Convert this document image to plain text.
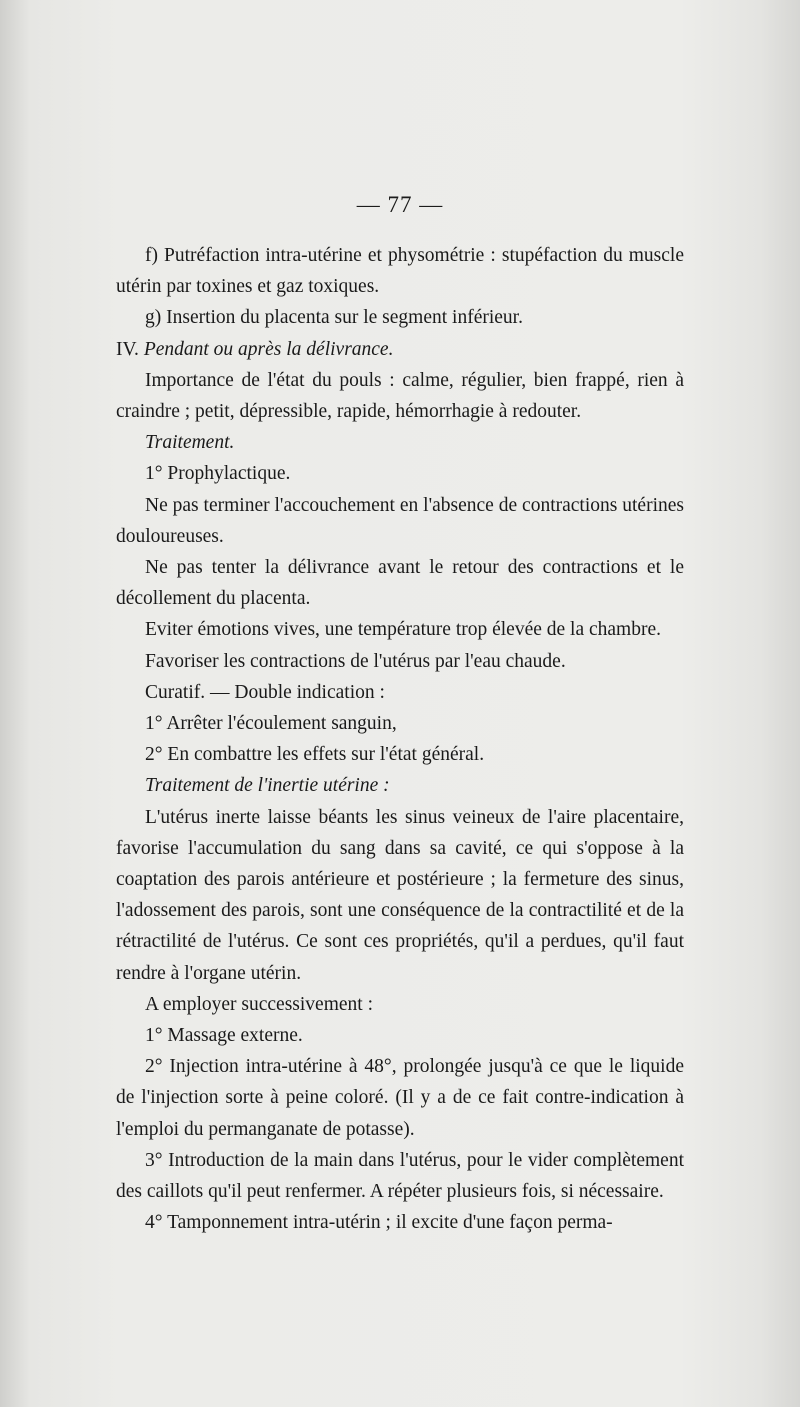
— 77 —

f) Putréfaction intra-utérine et physométrie : stupéfaction du muscle utérin par toxines et gaz toxiques.

g) Insertion du placenta sur le segment inférieur.

IV. Pendant ou après la délivrance.

Importance de l'état du pouls : calme, régulier, bien frappé, rien à craindre ; petit, dépressible, rapide, hémorrhagie à redouter.

Traitement.

1° Prophylactique.

Ne pas terminer l'accouchement en l'absence de contractions utérines douloureuses.

Ne pas tenter la délivrance avant le retour des contractions et le décollement du placenta.

Eviter émotions vives, une température trop élevée de la chambre.

Favoriser les contractions de l'utérus par l'eau chaude.

Curatif. — Double indication :

1° Arrêter l'écoulement sanguin,

2° En combattre les effets sur l'état général.

Traitement de l'inertie utérine :

L'utérus inerte laisse béants les sinus veineux de l'aire placentaire, favorise l'accumulation du sang dans sa cavité, ce qui s'oppose à la coaptation des parois antérieure et postérieure ; la fermeture des sinus, l'adossement des parois, sont une conséquence de la contractilité et de la rétractilité de l'utérus. Ce sont ces propriétés, qu'il a perdues, qu'il faut rendre à l'organe utérin.

A employer successivement :

1° Massage externe.

2° Injection intra-utérine à 48°, prolongée jusqu'à ce que le liquide de l'injection sorte à peine coloré. (Il y a de ce fait contre-indication à l'emploi du permanganate de potasse).

3° Introduction de la main dans l'utérus, pour le vider complètement des caillots qu'il peut renfermer. A répéter plusieurs fois, si nécessaire.

4° Tamponnement intra-utérin ; il excite d'une façon perma-
